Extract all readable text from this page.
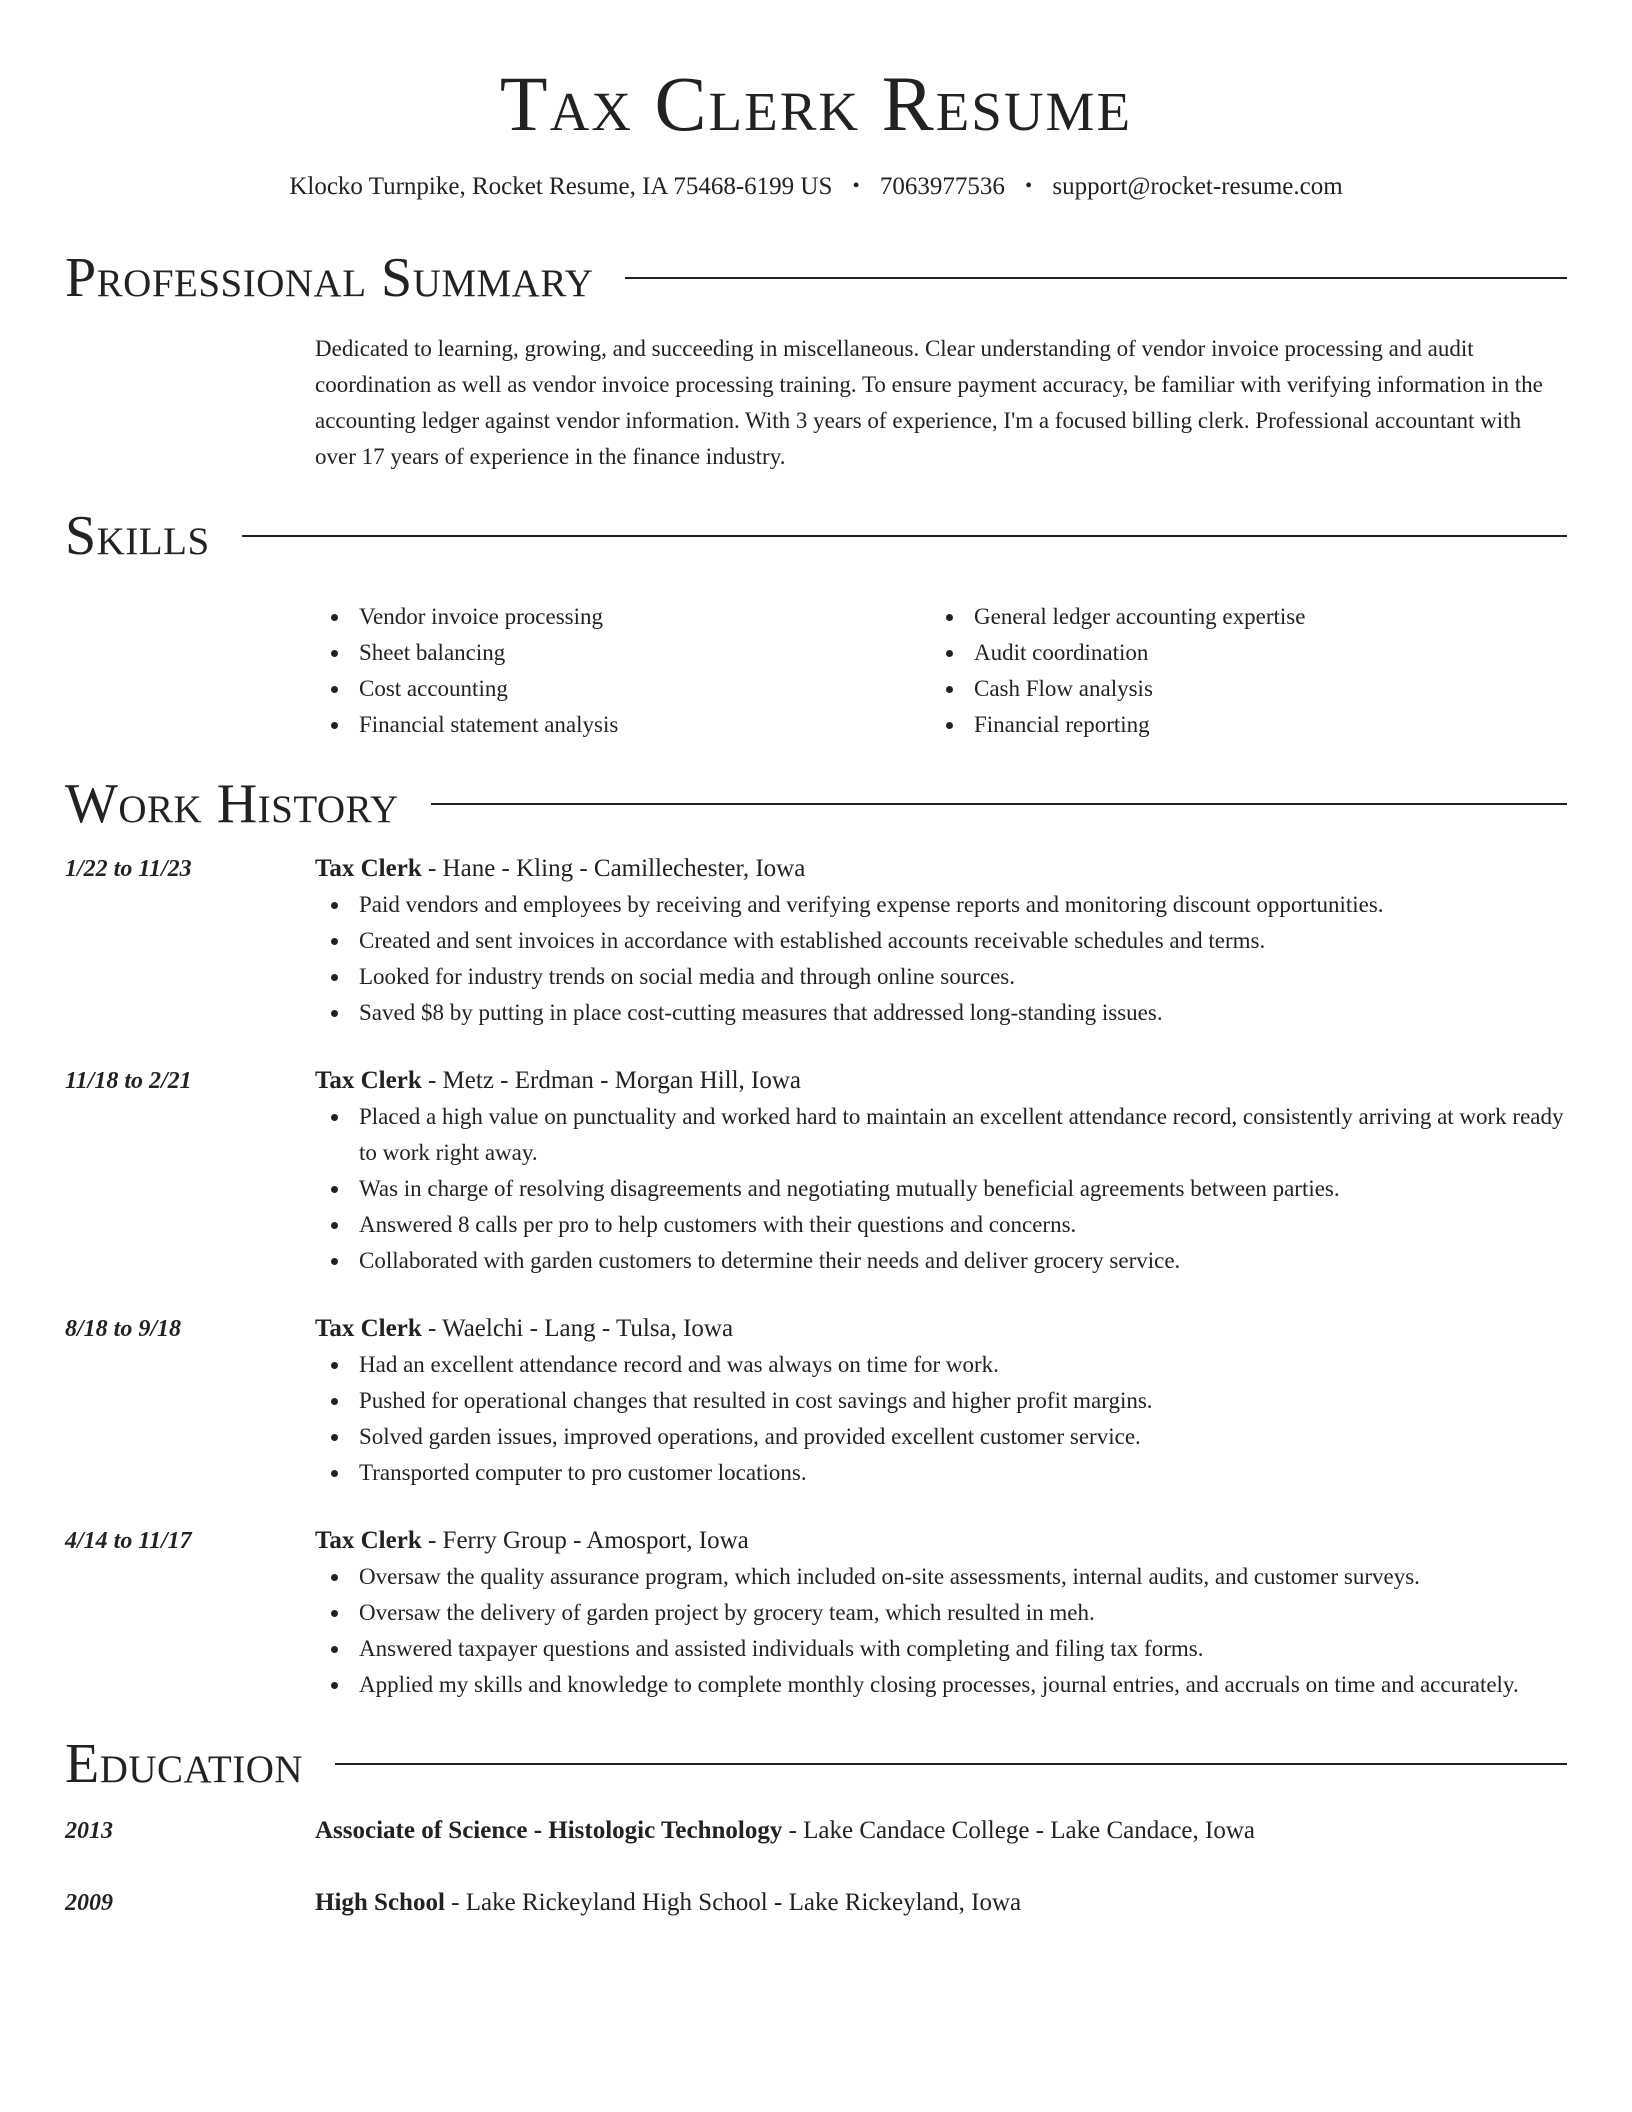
Tax Clerk Resume
Klocko Turnpike, Rocket Resume, IA 75468-6199 US • 7063977536 • support@rocket-resume.com
Professional Summary
Dedicated to learning, growing, and succeeding in miscellaneous. Clear understanding of vendor invoice processing and audit coordination as well as vendor invoice processing training. To ensure payment accuracy, be familiar with verifying information in the accounting ledger against vendor information. With 3 years of experience, I'm a focused billing clerk. Professional accountant with over 17 years of experience in the finance industry.
Skills
Vendor invoice processing
Sheet balancing
Cost accounting
Financial statement analysis
General ledger accounting expertise
Audit coordination
Cash Flow analysis
Financial reporting
Work History
1/22 to 11/23	Tax Clerk - Hane - Kling - Camillechester, Iowa
Paid vendors and employees by receiving and verifying expense reports and monitoring discount opportunities.
Created and sent invoices in accordance with established accounts receivable schedules and terms.
Looked for industry trends on social media and through online sources.
Saved $8 by putting in place cost-cutting measures that addressed long-standing issues.
11/18 to 2/21	Tax Clerk - Metz - Erdman - Morgan Hill, Iowa
Placed a high value on punctuality and worked hard to maintain an excellent attendance record, consistently arriving at work ready to work right away.
Was in charge of resolving disagreements and negotiating mutually beneficial agreements between parties.
Answered 8 calls per pro to help customers with their questions and concerns.
Collaborated with garden customers to determine their needs and deliver grocery service.
8/18 to 9/18	Tax Clerk - Waelchi - Lang - Tulsa, Iowa
Had an excellent attendance record and was always on time for work.
Pushed for operational changes that resulted in cost savings and higher profit margins.
Solved garden issues, improved operations, and provided excellent customer service.
Transported computer to pro customer locations.
4/14 to 11/17	Tax Clerk - Ferry Group - Amosport, Iowa
Oversaw the quality assurance program, which included on-site assessments, internal audits, and customer surveys.
Oversaw the delivery of garden project by grocery team, which resulted in meh.
Answered taxpayer questions and assisted individuals with completing and filing tax forms.
Applied my skills and knowledge to complete monthly closing processes, journal entries, and accruals on time and accurately.
Education
2013	Associate of Science - Histologic Technology - Lake Candace College - Lake Candace, Iowa
2009	High School - Lake Rickeyland High School - Lake Rickeyland, Iowa
